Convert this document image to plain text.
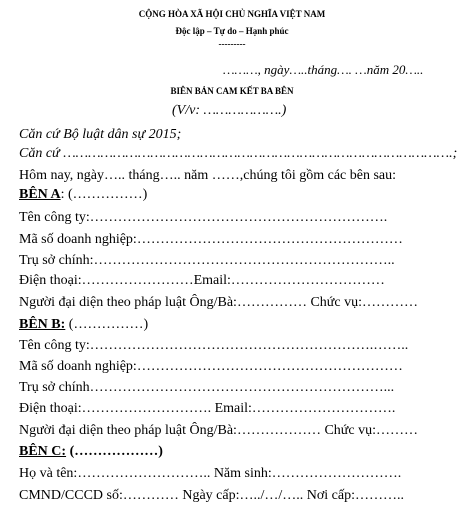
CỘNG HÒA XÃ HỘI CHỦ NGHĨA VIỆT NAM
Độc lập – Tự do – Hạnh phúc
---------
………, ngày…..tháng…. …năm 20…..
BIÊN BẢN CAM KẾT BA BÊN
(V/v: ……………….)
Căn cứ Bộ luật dân sự 2015;
Căn cứ ………………………………………………………………………………….;
Hôm nay, ngày….. tháng….. năm ……,chúng tôi gồm các bên sau:
BÊN A: (……………)
Tên công ty:……………………………………………………….
Mã số doanh nghiệp:…………………………………………………
Trụ sở chính:………………………………………………………..
Điện thoại:……………………Email:……………………………
Người đại diện theo pháp luật Ông/Bà:…………… Chức vụ:…………
BÊN B: (……………)
Tên công ty:…………………………………………………….……..
Mã số doanh nghiệp:…………………………………………………
Trụ sở chính………………………………………………………...
Điện thoại:………………………. Email:………………………….
Người đại diện theo pháp luật Ông/Bà:……………… Chức vụ:………
BÊN C: (………………)
Họ và tên:……………………….. Năm sinh:……………………….
CMND/CCCD số:………… Ngày cấp:…../…/….. Nơi cấp:………..
